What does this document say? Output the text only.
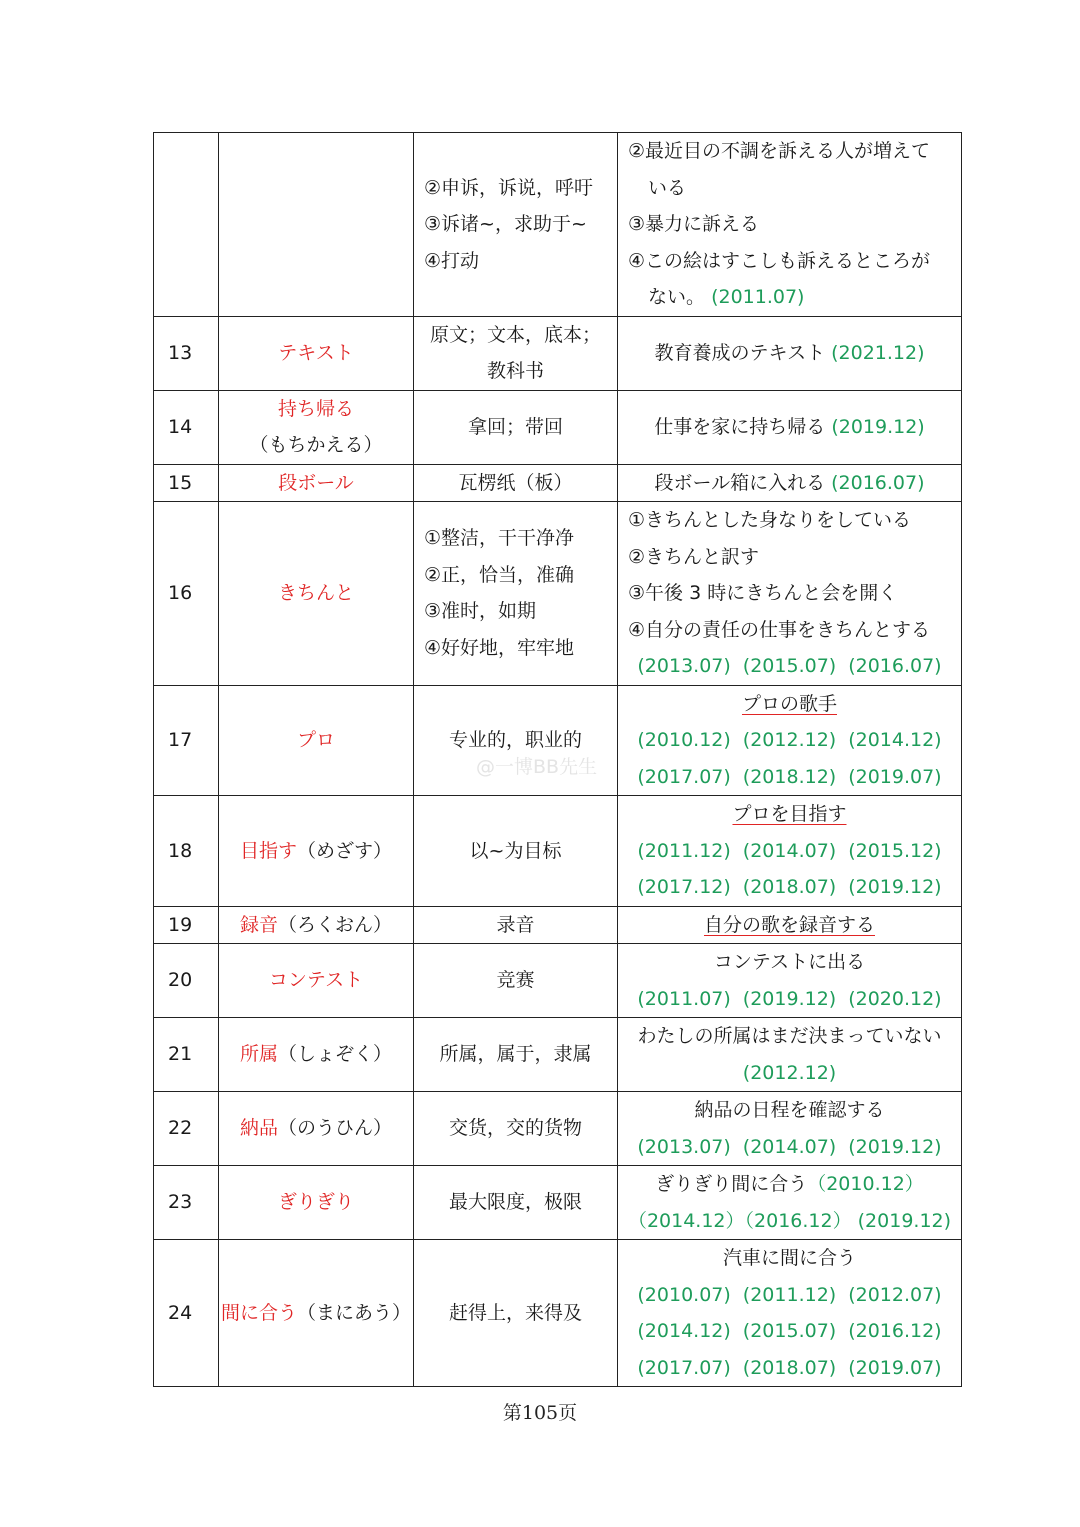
		②申诉，诉说，呼吁
③诉诸~，求助于~
④打动	②最近目の不調を訴える人が増えて
いる
③暴力に訴える
④この絵はすこしも訴えるところが
ない。 (2011.07)

13	テキスト	原文；文本，底本；
教科书	教育養成のテキスト (2021.12)
14	持ち帰る
（もちかえる）	拿回；带回	仕事を家に持ち帰る (2019.12)
15	段ボール	瓦楞纸（板）	段ボール箱に入れる (2016.07)
16	きちんと	①整洁，干干净净
②正，恰当，准确
③准时，如期
④好好地，牢牢地	①きちんとした身なりをしている
②きちんと訳す
③午後 3 時にきちんと会を開く
④自分の責任の仕事をきちんとする
(2013.07) (2015.07) (2016.07)

17	プロ	专业的，职业的	プロの歌手
(2010.12) (2012.12) (2014.12)
(2017.07) (2018.12) (2019.07)

18	目指す（めざす）	以~为目标	プロを目指す
(2011.12) (2014.07) (2015.12)
(2017.12) (2018.07) (2019.12)

19	録音（ろくおん）	录音	自分の歌を録音する
20	コンテスト	竞赛	コンテストに出る
(2011.07) (2019.12) (2020.12)

21	所属（しょぞく）	所属，属于，隶属	わたしの所属はまだ決まっていない
(2012.12)

22	納品（のうひん）	交货，交的货物	納品の日程を確認する
(2013.07) (2014.07) (2019.12)

23	ぎりぎり	最大限度，极限	ぎりぎり間に合う（2010.12）
（2014.12）（2016.12） (2019.12)

24	間に合う（まにあう）	赶得上，来得及	汽車に間に合う
(2010.07) (2011.12) (2012.07)
(2014.12) (2015.07) (2016.12)
(2017.07) (2018.07) (2019.07)
@一博BB先生
第105页
